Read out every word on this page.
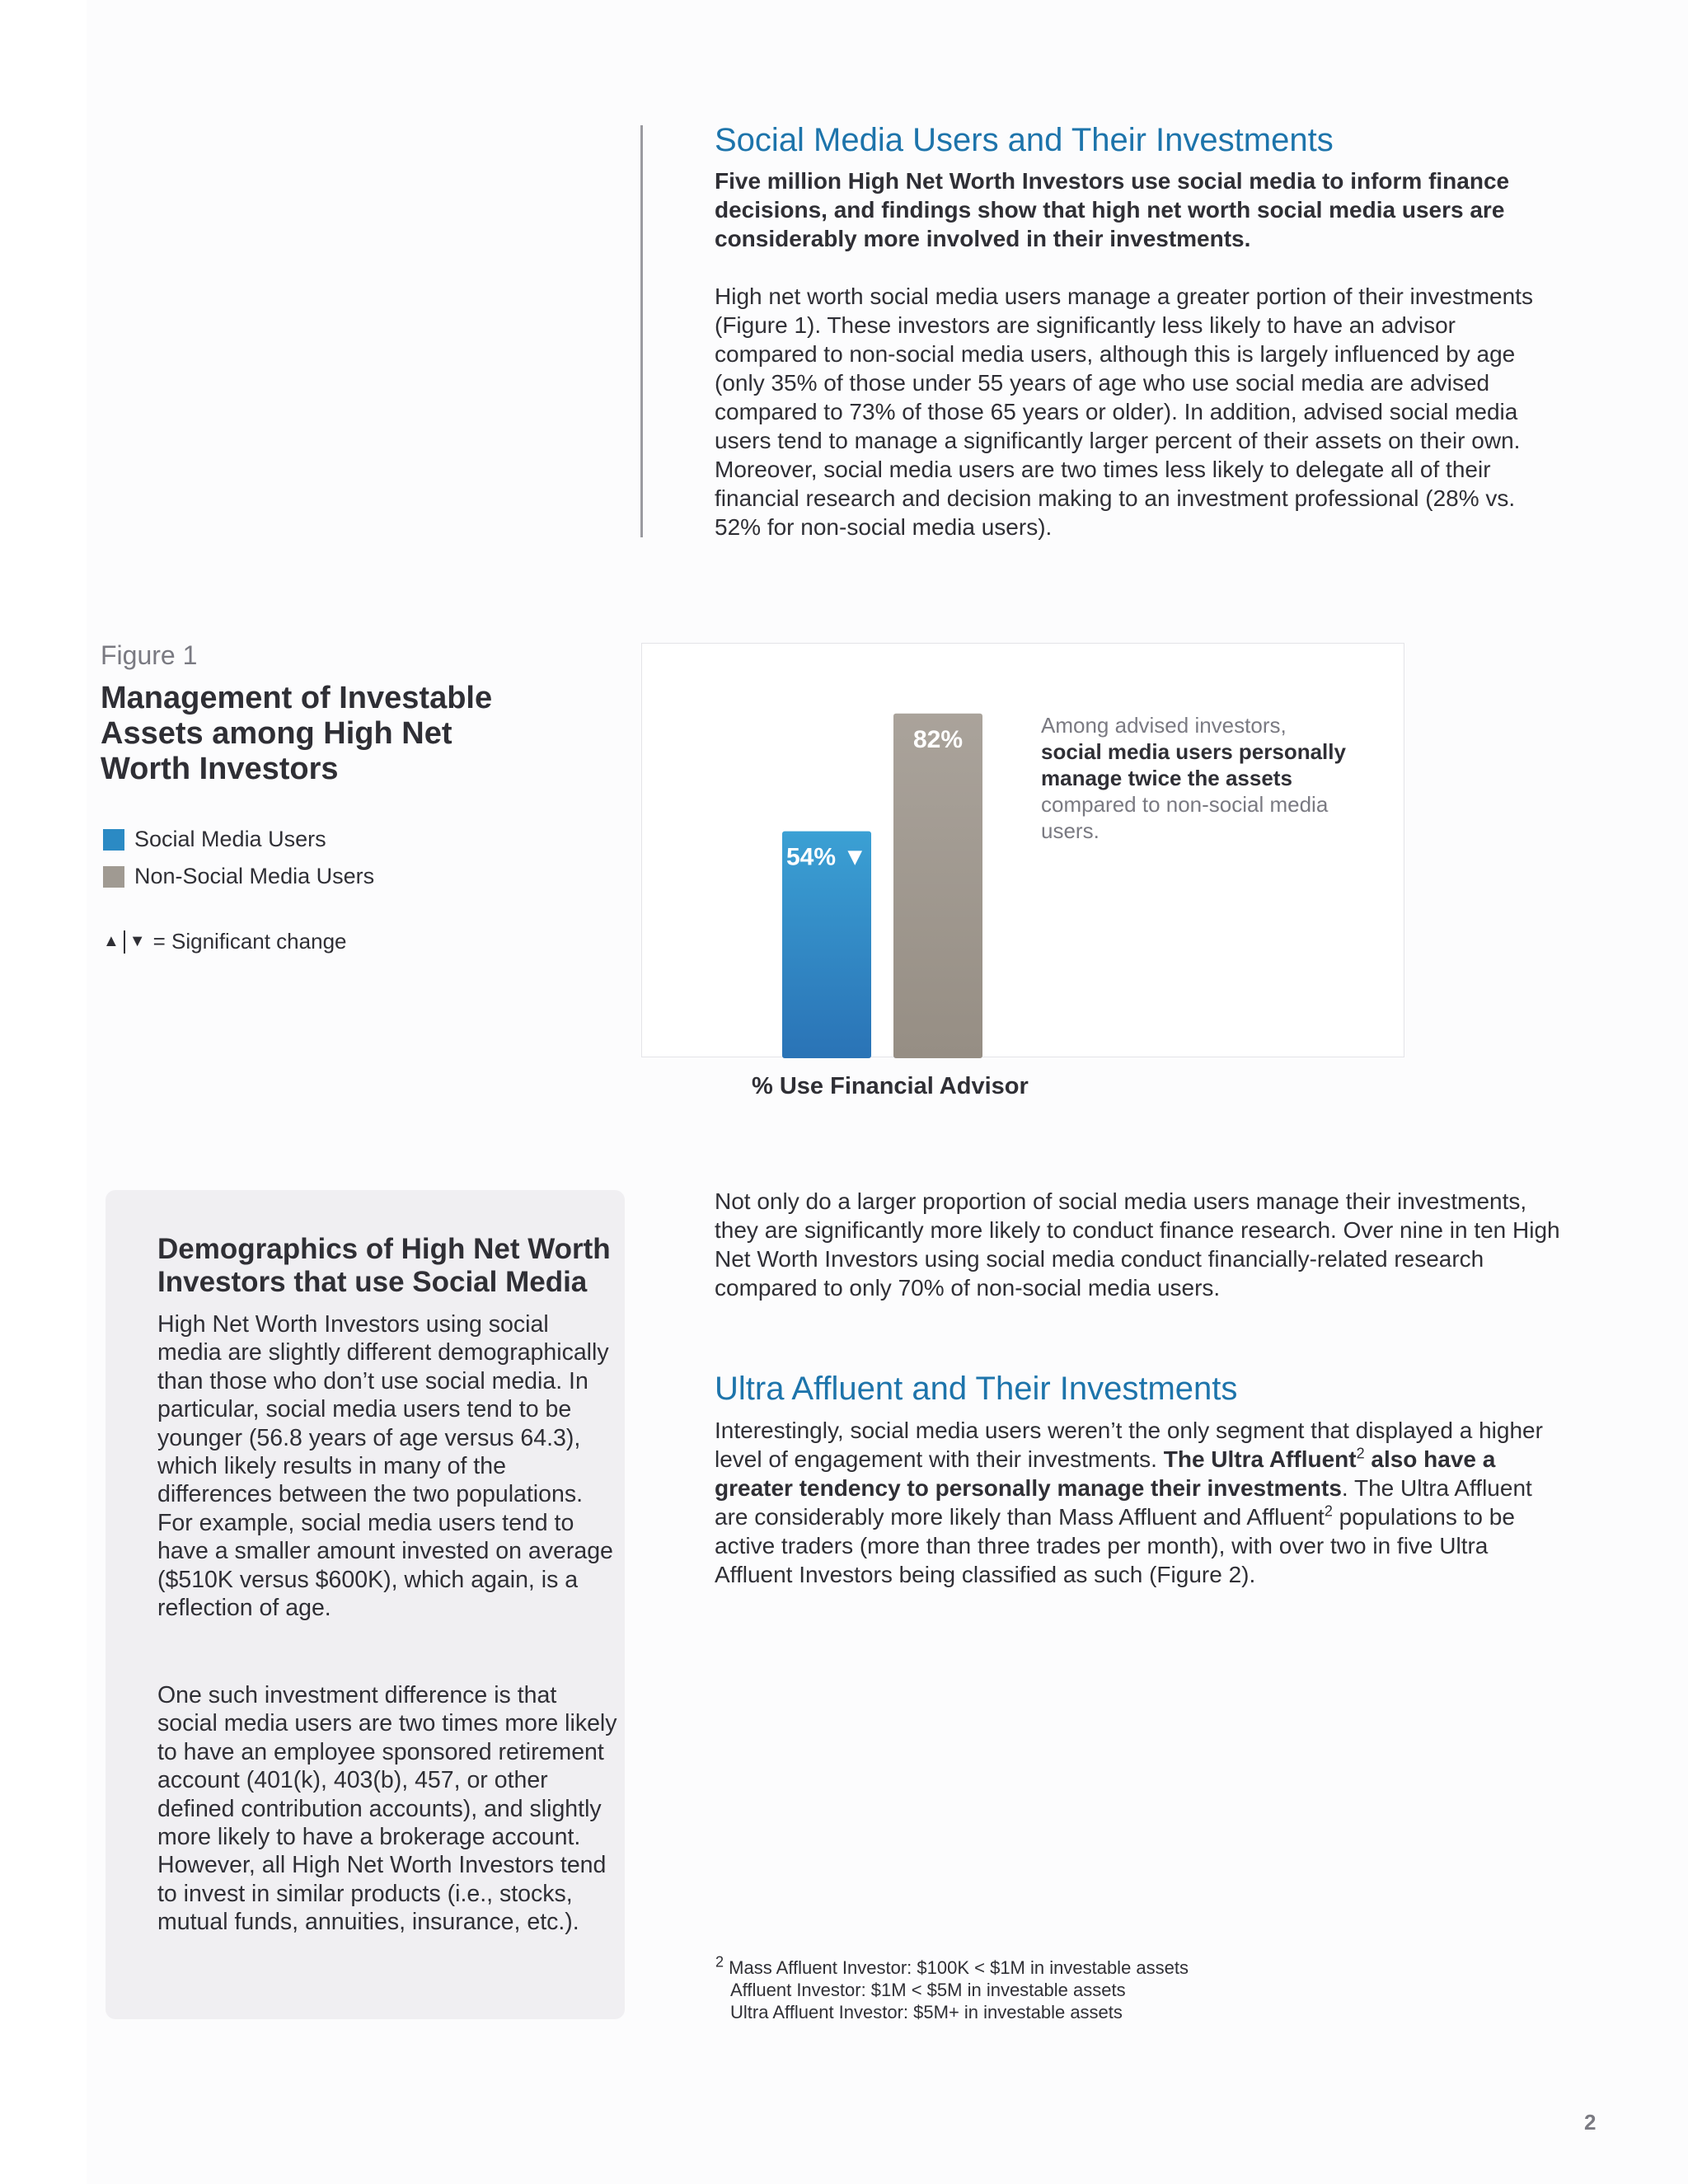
Social Media Users and Their Investments

Five million High Net Worth Investors use social media to inform finance decisions, and findings show that high net worth social media users are considerably more involved in their investments.

High net worth social media users manage a greater portion of their investments (Figure 1). These investors are significantly less likely to have an advisor compared to non-social media users, although this is largely influenced by age (only 35% of those under 55 years of age who use social media are advised compared to 73% of those 65 years or older). In addition, advised social media users tend to manage a significantly larger percent of their assets on their own. Moreover, social media users are two times less likely to delegate all of their financial research and decision making to an investment professional (28% vs. 52% for non-social media users).

Figure 1

Management of Investable Assets among High Net Worth Investors

Social Media Users
Non-Social Media Users
▲ ▼ = Significant change
54% ▼
82%

Among advised investors,
social media users personally manage twice the assets
compared to non-social media users.

% Use Financial Advisor
Demographics of High Net Worth Investors that use Social Media

High Net Worth Investors using social media are slightly different demographically than those who don’t use social media. In particular, social media users tend to be younger (56.8 years of age versus 64.3), which likely results in many of the differences between the two populations. For example, social media users tend to have a smaller amount invested on average ($510K versus $600K), which again, is a reflection of age.

One such investment difference is that social media users are two times more likely to have an employee sponsored retirement account (401(k), 403(b), 457, or other defined contribution accounts), and slightly more likely to have a brokerage account. However, all High Net Worth Investors tend to invest in similar products (i.e., stocks, mutual funds, annuities, insurance, etc.).

Not only do a larger proportion of social media users manage their investments, they are significantly more likely to conduct finance research. Over nine in ten High Net Worth Investors using social media conduct financially-related research compared to only 70% of non-social media users.

Ultra Affluent and Their Investments

Interestingly, social media users weren’t the only segment that displayed a higher level of engagement with their investments. The Ultra Affluent$^2$ also have a greater tendency to personally manage their investments. The Ultra Affluent are considerably more likely than Mass Affluent and Affluent$^2$ populations to be active traders (more than three trades per month), with over two in five Ultra Affluent Investors being classified as such (Figure 2).

$^2$ Mass Affluent Investor: $100K < $1M in investable assets
Affluent Investor: $1M < $5M in investable assets
Ultra Affluent Investor: $5M+ in investable assets

2
